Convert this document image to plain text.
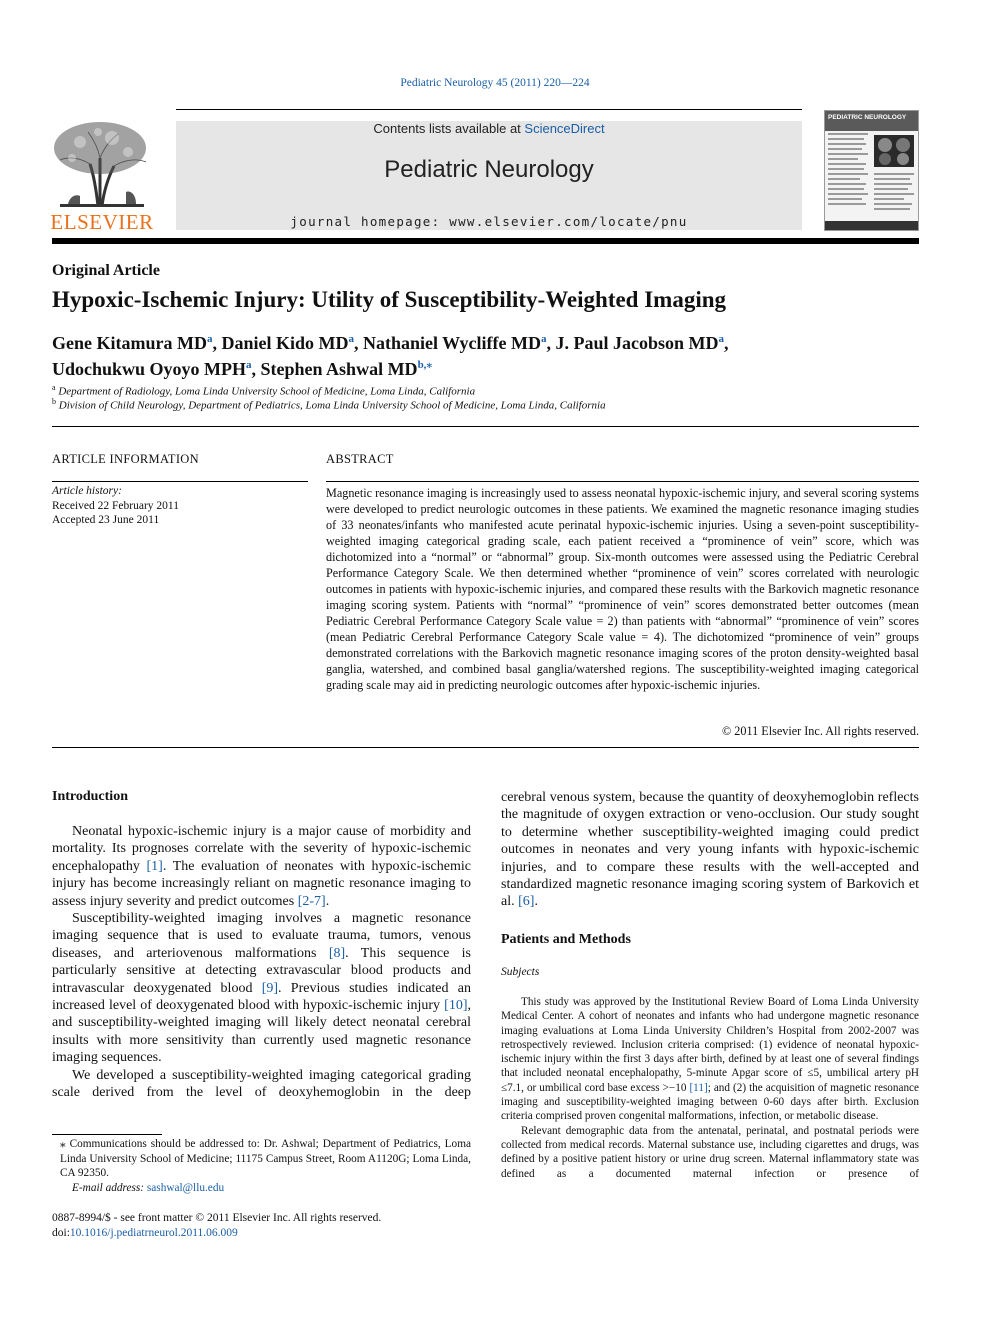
Pediatric Neurology 45 (2011) 220—224
ELSEVIER
Contents lists available at ScienceDirect
Pediatric Neurology
journal homepage: www.elsevier.com/locate/pnu
PEDIATRIC NEUROLOGY
Original Article
Hypoxic-Ischemic Injury: Utility of Susceptibility-Weighted Imaging
Gene Kitamura $MD^a$, Daniel Kido $MD^a$, Nathaniel Wycliffe $MD^a$, J. Paul Jacobson $MD^a$,
Udochukwu Oyoyo MPH$^a$, Stephen Ashwal $MD^{b,⁎}$
$^a$ Department of Radiology, Loma Linda University School of Medicine, Loma Linda, California
$^b$ Division of Child Neurology, Department of Pediatrics, Loma Linda University School of Medicine, Loma Linda, California
ARTICLE INFORMATION	ABSTRACT
Article history:
Received 22 February 2011
Accepted 23 June 2011
Magnetic resonance imaging is increasingly used to assess neonatal hypoxic-ischemic injury, and several scoring systems were developed to predict neurologic outcomes in these patients. We examined the magnetic resonance imaging studies of 33 neonates/infants who manifested acute perinatal hypoxic-ischemic injuries. Using a seven-point susceptibility-weighted imaging categorical grading scale, each patient received a “prominence of vein” score, which was dichotomized into a “normal” or “abnormal” group. Six-month outcomes were assessed using the Pediatric Cerebral Performance Category Scale. We then determined whether “prominence of vein” scores correlated with neurologic outcomes in patients with hypoxic-ischemic injuries, and compared these results with the Barkovich magnetic resonance imaging scoring system. Patients with “normal” “prominence of vein” scores demonstrated better outcomes (mean Pediatric Cerebral Performance Category Scale value = 2) than patients with “abnormal” “prominence of vein” scores (mean Pediatric Cerebral Performance Category Scale value = 4). The dichotomized “prominence of vein” groups demonstrated correlations with the Barkovich magnetic resonance imaging scores of the proton density-weighted basal ganglia, watershed, and combined basal ganglia/watershed regions. The susceptibility-weighted imaging categorical grading scale may aid in predicting neurologic outcomes after hypoxic-ischemic injuries.
© 2011 Elsevier Inc. All rights reserved.
Introduction

Neonatal hypoxic-ischemic injury is a major cause of morbidity and mortality. Its prognoses correlate with the severity of hypoxic-ischemic encephalopathy [1]. The evaluation of neonates with hypoxic-ischemic injury has become increasingly reliant on magnetic resonance imaging to assess injury severity and predict outcomes [2-7].

Susceptibility-weighted imaging involves a magnetic resonance imaging sequence that is used to evaluate trauma, tumors, venous diseases, and arteriovenous malformations [8]. This sequence is particularly sensitive at detecting extravascular blood products and intravascular deoxygenated blood [9]. Previous studies indicated an increased level of deoxygenated blood with hypoxic-ischemic injury [10], and susceptibility-weighted imaging will likely detect neonatal cerebral insults with more sensitivity than currently used magnetic resonance imaging sequences.

We developed a susceptibility-weighted imaging categorical grading scale derived from the level of deoxyhemoglobin in the deep

⁎ Communications should be addressed to: Dr. Ashwal; Department of Pediatrics, Loma Linda University School of Medicine; 11175 Campus Street, Room A1120G; Loma Linda, CA 92350.
E-mail address: sashwal@llu.edu
0887-8994/$ - see front matter © 2011 Elsevier Inc. All rights reserved.
doi:10.1016/j.pediatrneurol.2011.06.009
cerebral venous system, because the quantity of deoxyhemoglobin reflects the magnitude of oxygen extraction or veno-occlusion. Our study sought to determine whether susceptibility-weighted imaging could predict outcomes in neonates and very young infants with hypoxic-ischemic injuries, and to compare these results with the well-accepted and standardized magnetic resonance imaging scoring system of Barkovich et al. [6].
Patients and Methods
Subjects

This study was approved by the Institutional Review Board of Loma Linda University Medical Center. A cohort of neonates and infants who had undergone magnetic resonance imaging evaluations at Loma Linda University Children’s Hospital from 2002-2007 was retrospectively reviewed. Inclusion criteria comprised: (1) evidence of neonatal hypoxic-ischemic injury within the first 3 days after birth, defined by at least one of several findings that included neonatal encephalopathy, 5-minute Apgar score of ≤5, umbilical artery pH ≤7.1, or umbilical cord base excess >−10 [11]; and (2) the acquisition of magnetic resonance imaging and susceptibility-weighted imaging between 0-60 days after birth. Exclusion criteria comprised proven congenital malformations, infection, or metabolic disease.

Relevant demographic data from the antenatal, perinatal, and postnatal periods were collected from medical records. Maternal substance use, including cigarettes and drugs, was defined by a positive patient history or urine drug screen. Maternal inflammatory state was defined as a documented maternal infection or presence of
